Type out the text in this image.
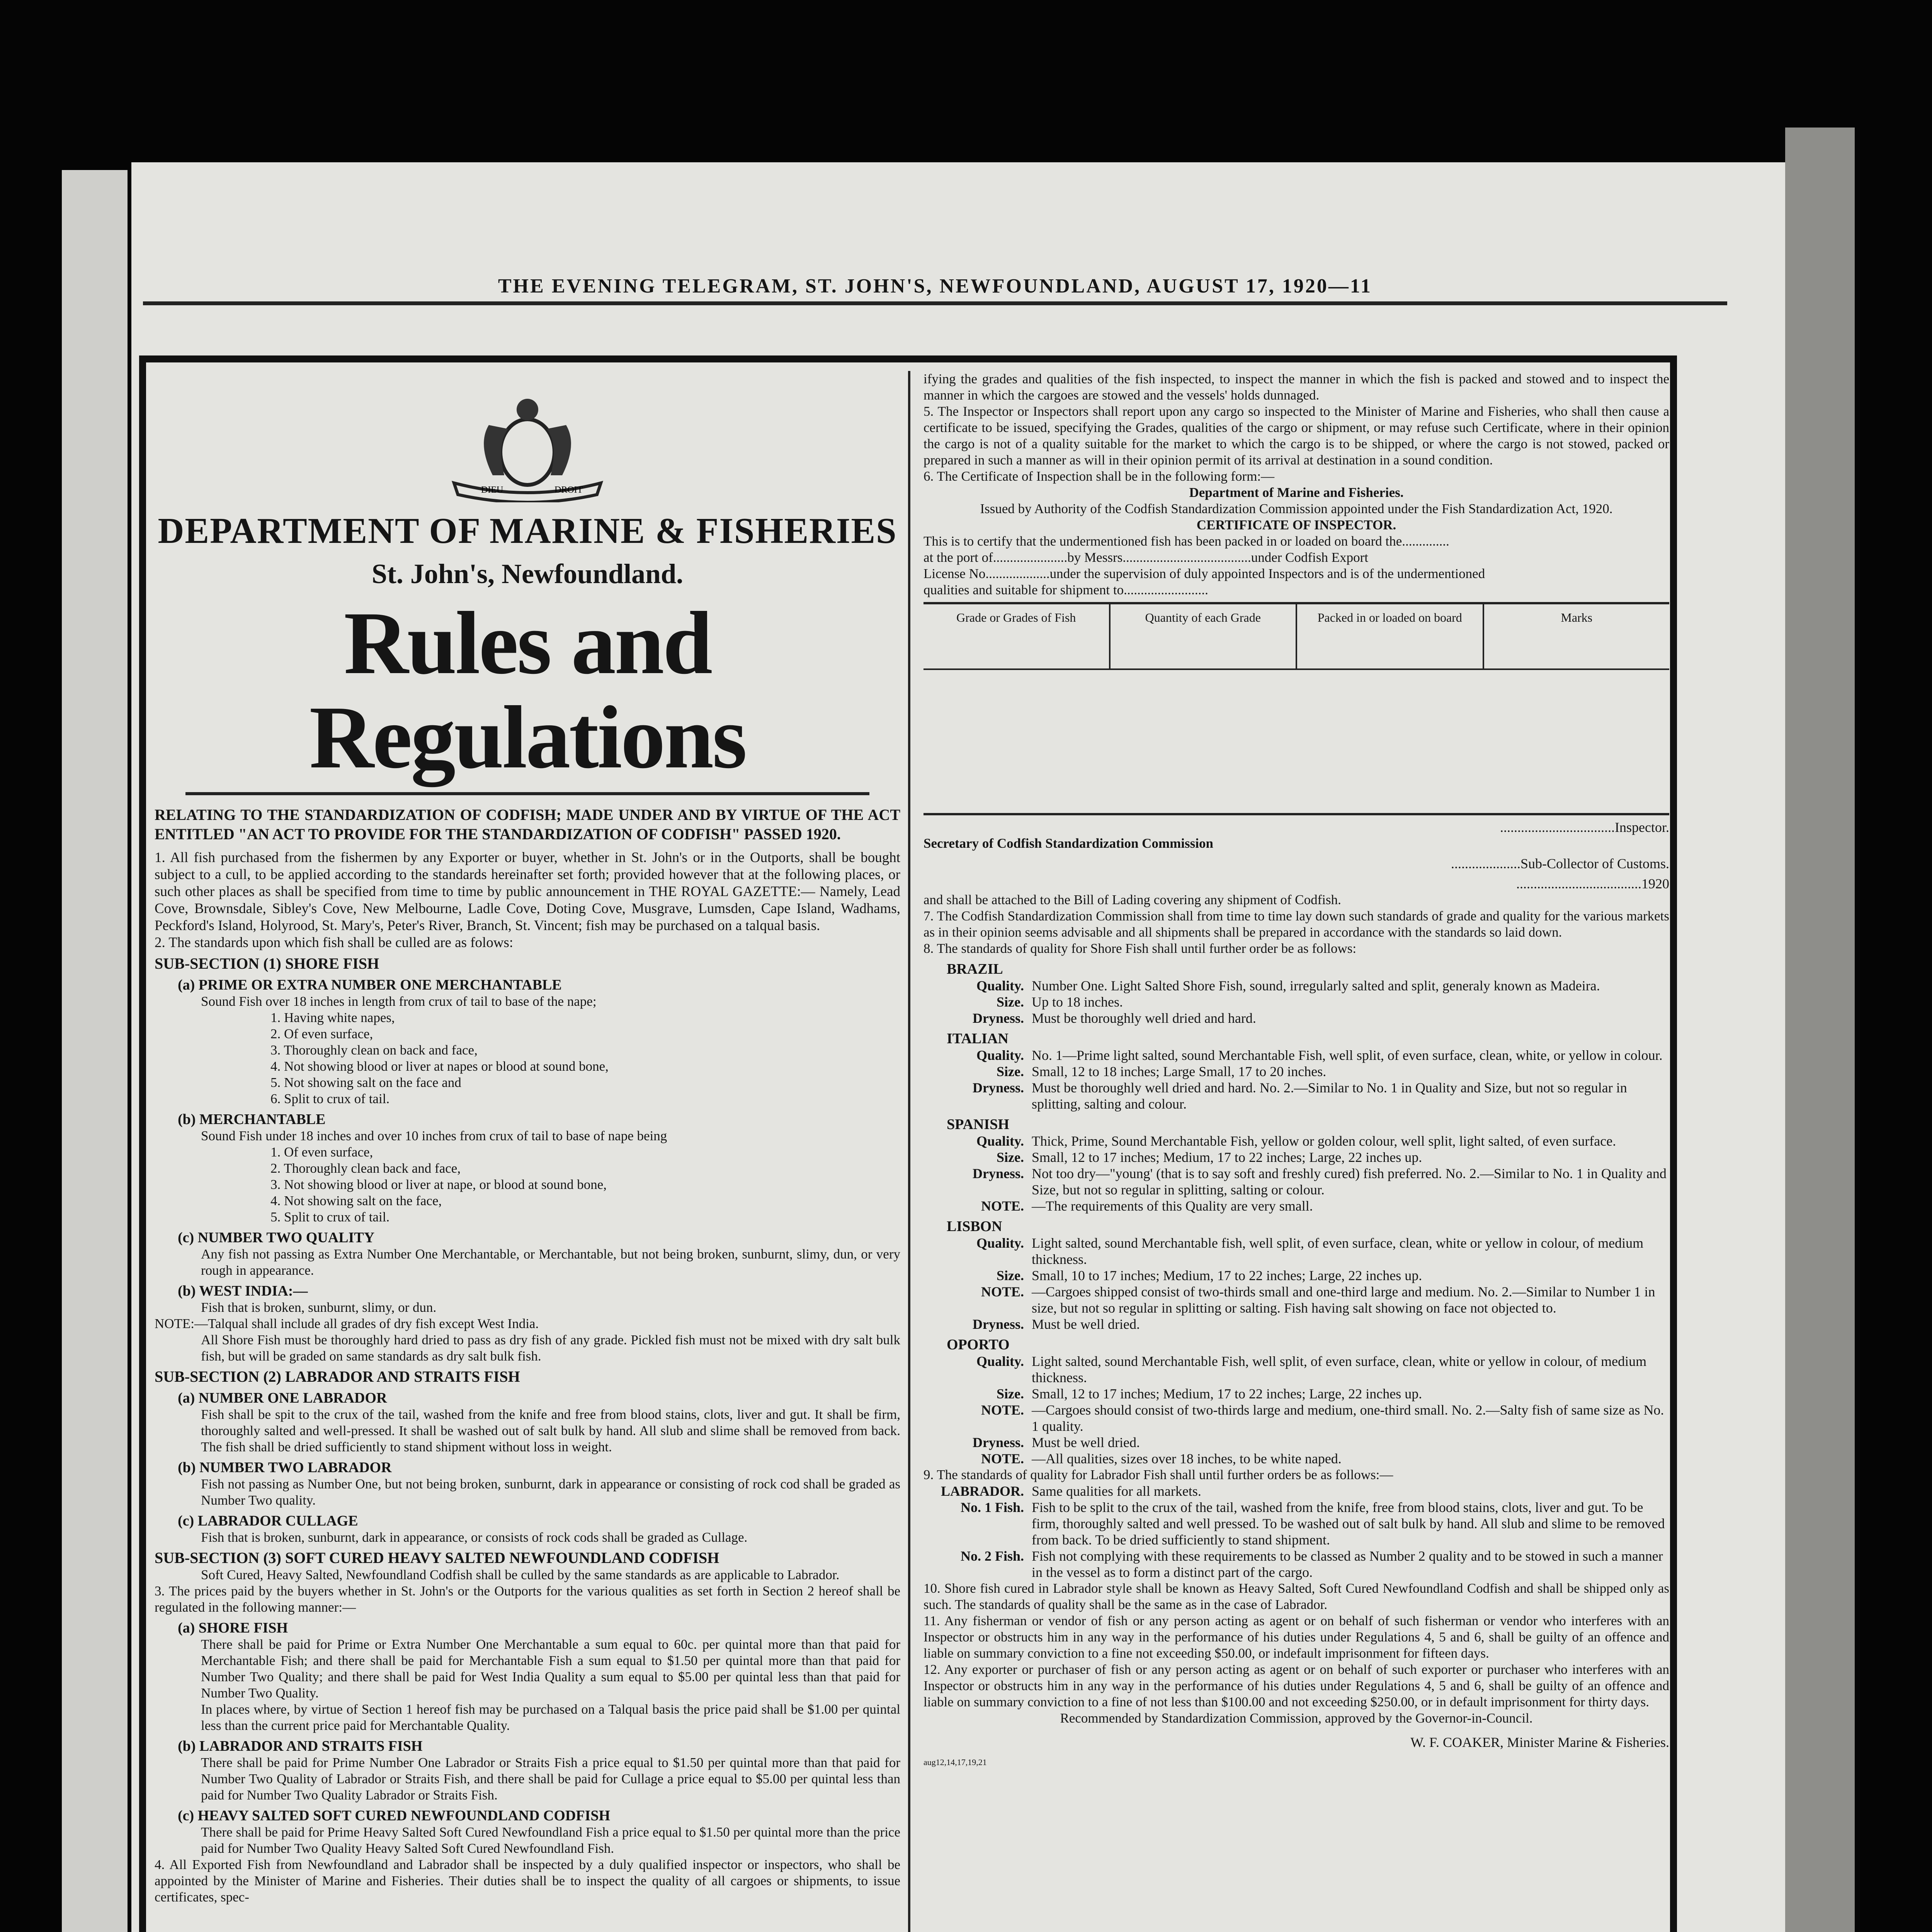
THE EVENING TELEGRAM, ST. JOHN'S, NEWFOUNDLAND, AUGUST 17, 1920—11
DIEU	DROIT
DEPARTMENT OF MARINE & FISHERIES
St. John's, Newfoundland.
Rules and Regulations

RELATING TO THE STANDARDIZATION OF CODFISH; MADE UNDER AND BY VIRTUE OF THE ACT ENTITLED "AN ACT TO PROVIDE FOR THE STANDARDIZATION OF CODFISH" PASSED 1920.

1. All fish purchased from the fishermen by any Exporter or buyer, whether in St. John's or in the Outports, shall be bought subject to a cull, to be applied according to the standards hereinafter set forth; provided however that at the following places, or such other places as shall be specified from time to time by public announcement in THE ROYAL GAZETTE:— Namely, Lead Cove, Brownsdale, Sibley's Cove, New Melbourne, Ladle Cove, Doting Cove, Musgrave, Lumsden, Cape Island, Wadhams, Peckford's Island, Holyrood, St. Mary's, Peter's River, Branch, St. Vincent; fish may be purchased on a talqual basis.

2. The standards upon which fish shall be culled are as folows:

SUB-SECTION (1) SHORE FISH
(a) PRIME OR EXTRA NUMBER ONE MERCHANTABLE

Sound Fish over 18 inches in length from crux of tail to base of the nape;

1. Having white napes,
2. Of even surface,
3. Thoroughly clean on back and face,
4. Not showing blood or liver at napes or blood at sound bone,
5. Not showing salt on the face and
6. Split to crux of tail.
(b) MERCHANTABLE

Sound Fish under 18 inches and over 10 inches from crux of tail to base of nape being

1. Of even surface,
2. Thoroughly clean back and face,
3. Not showing blood or liver at nape, or blood at sound bone,
4. Not showing salt on the face,
5. Split to crux of tail.
(c) NUMBER TWO QUALITY

Any fish not passing as Extra Number One Merchantable, or Merchantable, but not being broken, sunburnt, slimy, dun, or very rough in appearance.

(b) WEST INDIA:—

Fish that is broken, sunburnt, slimy, or dun.

NOTE:—Talqual shall include all grades of dry fish except West India.

All Shore Fish must be thoroughly hard dried to pass as dry fish of any grade. Pickled fish must not be mixed with dry salt bulk fish, but will be graded on same standards as dry salt bulk fish.

SUB-SECTION (2) LABRADOR AND STRAITS FISH
(a) NUMBER ONE LABRADOR

Fish shall be spit to the crux of the tail, washed from the knife and free from blood stains, clots, liver and gut. It shall be firm, thoroughly salted and well-pressed. It shall be washed out of salt bulk by hand. All slub and slime shall be removed from back. The fish shall be dried sufficiently to stand shipment without loss in weight.

(b) NUMBER TWO LABRADOR

Fish not passing as Number One, but not being broken, sunburnt, dark in appearance or consisting of rock cod shall be graded as Number Two quality.

(c) LABRADOR CULLAGE

Fish that is broken, sunburnt, dark in appearance, or consists of rock cods shall be graded as Cullage.

SUB-SECTION (3) SOFT CURED HEAVY SALTED NEWFOUNDLAND CODFISH

Soft Cured, Heavy Salted, Newfoundland Codfish shall be culled by the same standards as are applicable to Labrador.

3. The prices paid by the buyers whether in St. John's or the Outports for the various qualities as set forth in Section 2 hereof shall be regulated in the following manner:—

(a) SHORE FISH

There shall be paid for Prime or Extra Number One Merchantable a sum equal to 60c. per quintal more than that paid for Merchantable Fish; and there shall be paid for Merchantable Fish a sum equal to $1.50 per quintal more than that paid for Number Two Quality; and there shall be paid for West India Quality a sum equal to $5.00 per quintal less than that paid for Number Two Quality.

In places where, by virtue of Section 1 hereof fish may be purchased on a Talqual basis the price paid shall be $1.00 per quintal less than the current price paid for Merchantable Quality.

(b) LABRADOR AND STRAITS FISH

There shall be paid for Prime Number One Labrador or Straits Fish a price equal to $1.50 per quintal more than that paid for Number Two Quality of Labrador or Straits Fish, and there shall be paid for Cullage a price equal to $5.00 per quintal less than paid for Number Two Quality Labrador or Straits Fish.

(c) HEAVY SALTED SOFT CURED NEWFOUNDLAND CODFISH

There shall be paid for Prime Heavy Salted Soft Cured Newfoundland Fish a price equal to $1.50 per quintal more than the price paid for Number Two Quality Heavy Salted Soft Cured Newfoundland Fish.

4. All Exported Fish from Newfoundland and Labrador shall be inspected by a duly qualified inspector or inspectors, who shall be appointed by the Minister of Marine and Fisheries. Their duties shall be to inspect the quality of all cargoes or shipments, to issue certificates, spec-

ifying the grades and qualities of the fish inspected, to inspect the manner in which the fish is packed and stowed and to inspect the manner in which the cargoes are stowed and the vessels' holds dunnaged.

5. The Inspector or Inspectors shall report upon any cargo so inspected to the Minister of Marine and Fisheries, who shall then cause a certificate to be issued, specifying the Grades, qualities of the cargo or shipment, or may refuse such Certificate, where in their opinion the cargo is not of a quality suitable for the market to which the cargo is to be shipped, or where the cargo is not stowed, packed or prepared in such a manner as will in their opinion permit of its arrival at destination in a sound condition.

6. The Certificate of Inspection shall be in the following form:—

Department of Marine and Fisheries.
Issued by Authority of the Codfish Standardization Commission appointed under the Fish Standardization Act, 1920.
CERTIFICATE OF INSPECTOR.
This is to certify that the undermentioned fish has been packed in or loaded on board the..............
at the port of......................by Messrs......................................under Codfish Export
License No...................under the supervision of duly appointed Inspectors and is of the undermentioned
qualities and suitable for shipment to.........................
Grade or Grades of Fish	Quantity of each Grade	Packed in or loaded on board	Marks
.................................Inspector.
Secretary of Codfish Standardization Commission
....................Sub-Collector of Customs.
....................................1920

and shall be attached to the Bill of Lading covering any shipment of Codfish.

7. The Codfish Standardization Commission shall from time to time lay down such standards of grade and quality for the various markets as in their opinion seems advisable and all shipments shall be prepared in accordance with the standards so laid down.

8. The standards of quality for Shore Fish shall until further order be as follows:

BRAZIL
Quality. Number One. Light Salted Shore Fish, sound, irregularly salted and split, generaly known as Madeira.
Size. Up to 18 inches.
Dryness. Must be thoroughly well dried and hard.
ITALIAN
Quality. No. 1—Prime light salted, sound Merchantable Fish, well split, of even surface, clean, white, or yellow in colour.
Size. Small, 12 to 18 inches; Large Small, 17 to 20 inches.
Dryness. Must be thoroughly well dried and hard. No. 2.—Similar to No. 1 in Quality and Size, but not so regular in splitting, salting and colour.
SPANISH
Quality. Thick, Prime, Sound Merchantable Fish, yellow or golden colour, well split, light salted, of even surface.
Size. Small, 12 to 17 inches; Medium, 17 to 22 inches; Large, 22 inches up.
Dryness. Not too dry—"young' (that is to say soft and freshly cured) fish preferred. No. 2.—Similar to No. 1 in Quality and Size, but not so regular in splitting, salting or colour.
NOTE. —The requirements of this Quality are very small.
LISBON
Quality. Light salted, sound Merchantable fish, well split, of even surface, clean, white or yellow in colour, of medium thickness.
Size. Small, 10 to 17 inches; Medium, 17 to 22 inches; Large, 22 inches up.
NOTE. —Cargoes shipped consist of two-thirds small and one-third large and medium. No. 2.—Similar to Number 1 in size, but not so regular in splitting or salting. Fish having salt showing on face not objected to.
Dryness. Must be well dried.
OPORTO
Quality. Light salted, sound Merchantable Fish, well split, of even surface, clean, white or yellow in colour, of medium thickness.
Size. Small, 12 to 17 inches; Medium, 17 to 22 inches; Large, 22 inches up.
NOTE. —Cargoes should consist of two-thirds large and medium, one-third small. No. 2.—Salty fish of same size as No. 1 quality.
Dryness. Must be well dried.
NOTE. —All qualities, sizes over 18 inches, to be white naped.

9. The standards of quality for Labrador Fish shall until further orders be as follows:—

LABRADOR. Same qualities for all markets.
No. 1 Fish. Fish to be split to the crux of the tail, washed from the knife, free from blood stains, clots, liver and gut. To be firm, thoroughly salted and well pressed. To be washed out of salt bulk by hand. All slub and slime to be removed from back. To be dried sufficiently to stand shipment.
No. 2 Fish. Fish not complying with these requirements to be classed as Number 2 quality and to be stowed in such a manner in the vessel as to form a distinct part of the cargo.

10. Shore fish cured in Labrador style shall be known as Heavy Salted, Soft Cured Newfoundland Codfish and shall be shipped only as such. The standards of quality shall be the same as in the case of Labrador.

11. Any fisherman or vendor of fish or any person acting as agent or on behalf of such fisherman or vendor who interferes with an Inspector or obstructs him in any way in the performance of his duties under Regulations 4, 5 and 6, shall be guilty of an offence and liable on summary conviction to a fine not exceeding $50.00, or indefault imprisonment for fifteen days.

12. Any exporter or purchaser of fish or any person acting as agent or on behalf of such exporter or purchaser who interferes with an Inspector or obstructs him in any way in the performance of his duties under Regulations 4, 5 and 6, shall be guilty of an offence and liable on summary conviction to a fine of not less than $100.00 and not exceeding $250.00, or in default imprisonment for thirty days.

Recommended by Standardization Commission, approved by the Governor-in-Council.
W. F. COAKER, Minister Marine & Fisheries.
aug12,14,17,19,21
